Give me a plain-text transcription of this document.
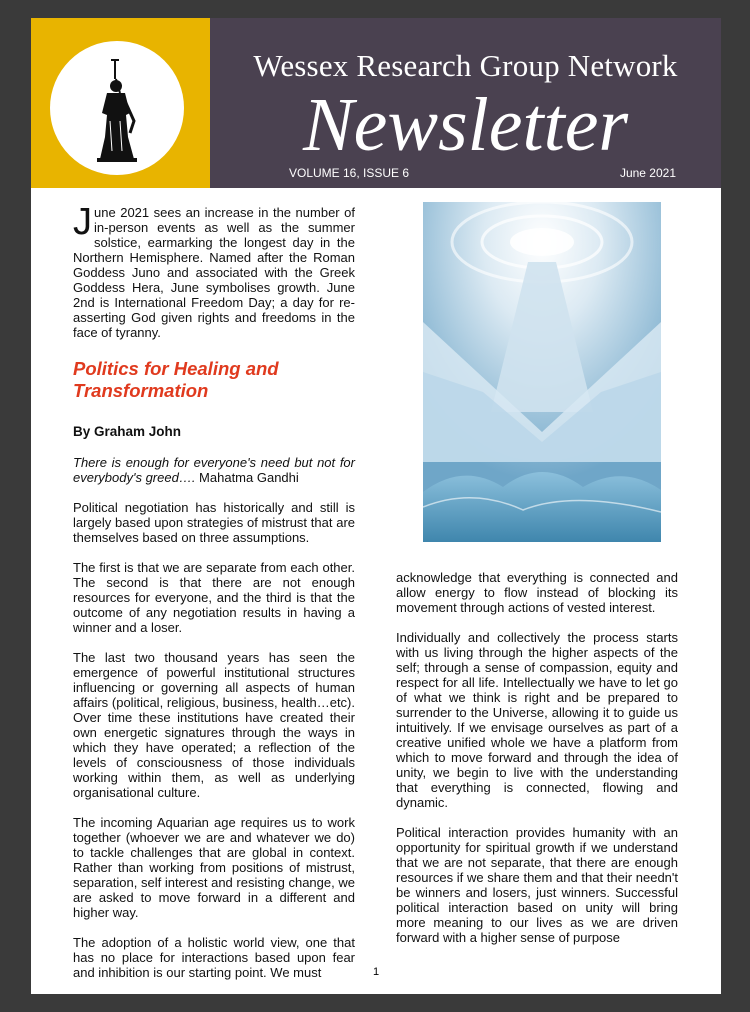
Wessex Research Group Network
Newsletter
VOLUME 16, ISSUE 6	June 2021

June 2021 sees an increase in the number of in-person events as well as the summer solstice, earmarking the longest day in the Northern Hemisphere. Named after the Roman Goddess Juno and associated with the Greek Goddess Hera, June symbolises growth. June 2nd is International Freedom Day; a day for re-asserting God given rights and freedoms in the face of tyranny.

Politics for Healing and Transformation

By Graham John

There is enough for everyone's need but not for everybody's greed…. Mahatma Gandhi

Political negotiation has historically and still is largely based upon strategies of mistrust that are themselves based on three assumptions.

The first is that we are separate from each other. The second is that there are not enough resources for everyone, and the third is that the outcome of any negotiation results in having a winner and a loser.

The last two thousand years has seen the emergence of powerful institutional structures influencing or governing all aspects of human affairs (political, religious, business, health…etc). Over time these institutions have created their own energetic signatures through the ways in which they have operated; a reflection of the levels of consciousness of those individuals working within them, as well as underlying organisational culture.

The incoming Aquarian age requires us to work together (whoever we are and whatever we do) to tackle challenges that are global in context. Rather than working from positions of mistrust, separation, self interest and resisting change, we are asked to move forward in a different and higher way.

The adoption of a holistic world view, one that has no place for interactions based upon fear and inhibition is our starting point. We must

acknowledge that everything is connected and allow energy to flow instead of blocking its movement through actions of vested interest.

Individually and collectively the process starts with us living through the higher aspects of the self; through a sense of compassion, equity and respect for all life. Intellectually we have to let go of what we think is right and be prepared to surrender to the Universe, allowing it to guide us intuitively. If we envisage ourselves as part of a creative unified whole we have a platform from which to move forward and through the idea of unity, we begin to live with the understanding that everything is connected, flowing and dynamic.

Political interaction provides humanity with an opportunity for spiritual growth if we understand that we are not separate, that there are enough resources if we share them and that their needn't be winners and losers, just winners. Successful political interaction based on unity will bring more meaning to our lives as we are driven forward with a higher sense of purpose

1
